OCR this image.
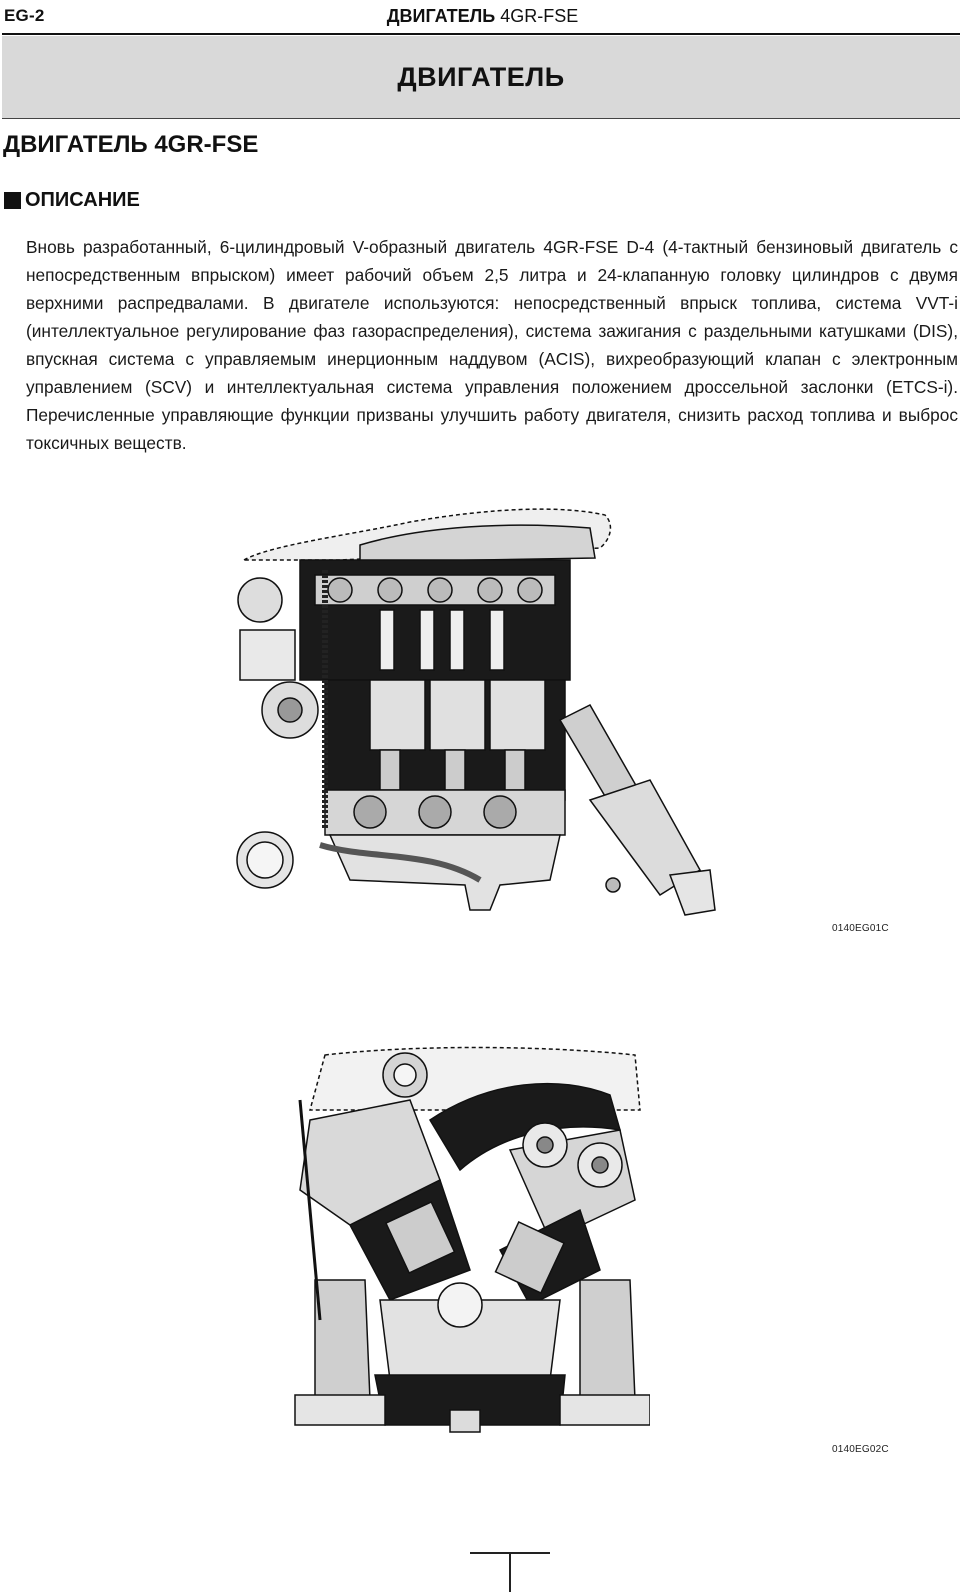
EG-2	ДВИГАТЕЛЬ 4GR-FSE
ДВИГАТЕЛЬ
ДВИГАТЕЛЬ 4GR-FSE
ОПИСАНИЕ

Вновь разработанный, 6-цилиндровый V-образный двигатель 4GR-FSE D-4 (4-тактный бензиновый двигатель с непосредственным впрыском) имеет рабочий объем 2,5 литра и 24-клапанную головку цилиндров с двумя верхними распредвалами. В двигателе используются: непосредственный впрыск топлива, система VVT-i (интеллектуальное регулирование фаз газораспределения), система зажигания с раздельными катушками (DIS), впускная система с управляемым инерционным наддувом (ACIS), вихреобразующий клапан с электронным управлением (SCV) и интеллектуальная система управления положением дроссельной заслонки (ETCS-i). Перечисленные управляющие функции призваны улучшить работу двигателя, снизить расход топлива и выброс токсичных веществ.

0140EG01C
0140EG02C
